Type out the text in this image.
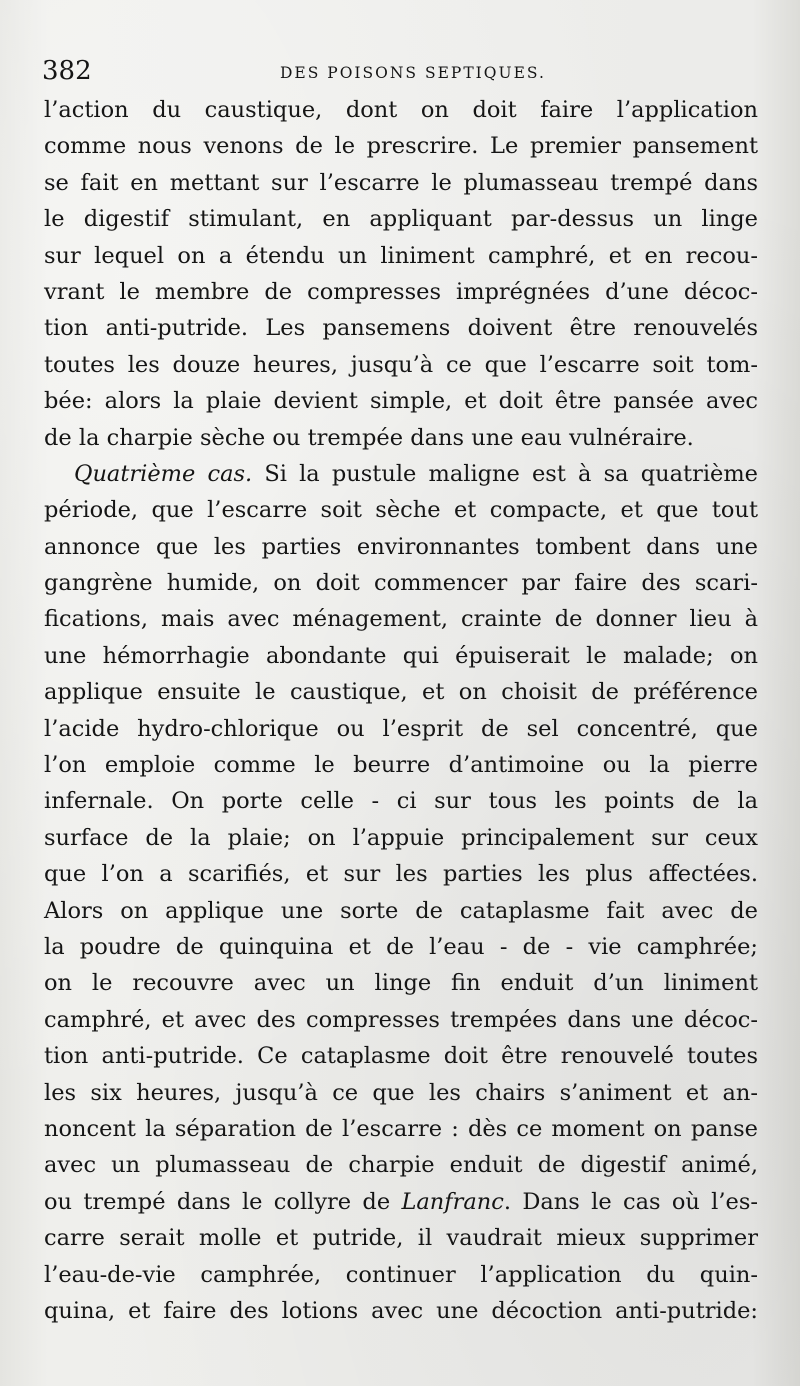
382	DES POISONS SEPTIQUES.
l’action du caustique, dont on doit faire l’application
comme nous venons de le prescrire. Le premier pansement
se fait en mettant sur l’escarre le plumasseau trempé dans
le digestif stimulant, en appliquant par-dessus un linge
sur lequel on a étendu un liniment camphré, et en recou-
vrant le membre de compresses imprégnées d’une décoc-
tion anti-putride. Les pansemens doivent être renouvelés
toutes les douze heures, jusqu’à ce que l’escarre soit tom-
bée: alors la plaie devient simple, et doit être pansée avec
de la charpie sèche ou trempée dans une eau vulnéraire.
Quatrième cas. Si la pustule maligne est à sa quatrième
période, que l’escarre soit sèche et compacte, et que tout
annonce que les parties environnantes tombent dans une
gangrène humide, on doit commencer par faire des scari-
fications, mais avec ménagement, crainte de donner lieu à
une hémorrhagie abondante qui épuiserait le malade; on
applique ensuite le caustique, et on choisit de préférence
l’acide hydro-chlorique ou l’esprit de sel concentré, que
l’on emploie comme le beurre d’antimoine ou la pierre
infernale. On porte celle - ci sur tous les points de la
surface de la plaie; on l’appuie principalement sur ceux
que l’on a scarifiés, et sur les parties les plus affectées.
Alors on applique une sorte de cataplasme fait avec de
la poudre de quinquina et de l’eau - de - vie camphrée;
on le recouvre avec un linge fin enduit d’un liniment
camphré, et avec des compresses trempées dans une décoc-
tion anti-putride. Ce cataplasme doit être renouvelé toutes
les six heures, jusqu’à ce que les chairs s’animent et an-
noncent la séparation de l’escarre : dès ce moment on panse
avec un plumasseau de charpie enduit de digestif animé,
ou trempé dans le collyre de Lanfranc. Dans le cas où l’es-
carre serait molle et putride, il vaudrait mieux supprimer
l’eau-de-vie camphrée, continuer l’application du quin-
quina, et faire des lotions avec une décoction anti-putride:
